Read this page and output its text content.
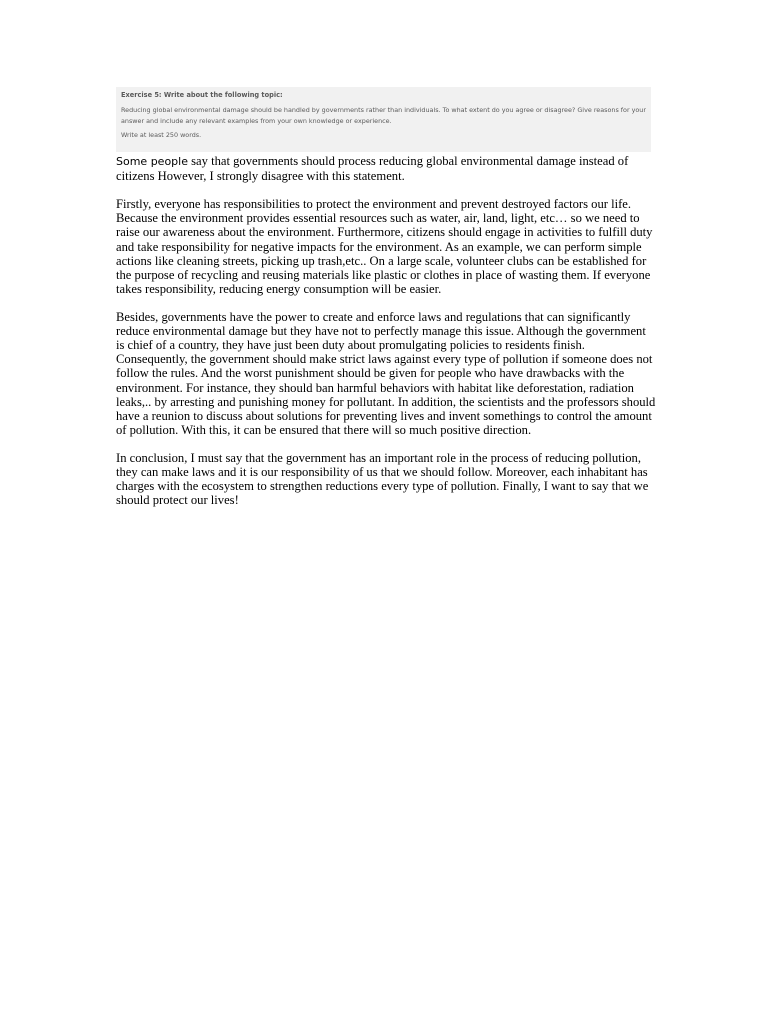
Exercise 5: Write about the following topic:

Reducing global environmental damage should be handled by governments rather than individuals. To what extent do you agree or disagree? Give reasons for your answer and include any relevant examples from your own knowledge or experience.

Write at least 250 words.

Some people say that governments should process reducing global environmental damage instead of citizens However, I strongly disagree with this statement.

Firstly, everyone has responsibilities to protect the environment and prevent destroyed factors our life. Because the environment provides essential resources such as water, air, land, light, etc… so we need to raise our awareness about the environment. Furthermore, citizens should engage in activities to fulfill duty and take responsibility for negative impacts for the environment. As an example, we can perform simple actions like cleaning streets, picking up trash,etc.. On a large scale, volunteer clubs can be established for the purpose of recycling and reusing materials like plastic or clothes in place of wasting them. If everyone takes responsibility, reducing energy consumption will be easier.

Besides, governments have the power to create and enforce laws and regulations that can significantly reduce environmental damage but they have not to perfectly manage this issue. Although the government is chief of a country, they have just been duty about promulgating policies to residents finish. Consequently, the government should make strict laws against every type of pollution if someone does not follow the rules. And the worst punishment should be given for people who have drawbacks with the environment. For instance, they should ban harmful behaviors with habitat like deforestation, radiation leaks,.. by arresting and punishing money for pollutant. In addition, the scientists and the professors should have a reunion to discuss about solutions for preventing lives and invent somethings to control the amount of pollution. With this, it can be ensured that there will so much positive direction.

In conclusion, I must say that the government has an important role in the process of reducing pollution, they can make laws and it is our responsibility of us that we should follow. Moreover, each inhabitant has charges with the ecosystem to strengthen reductions every type of pollution. Finally, I want to say that we should protect our lives!
